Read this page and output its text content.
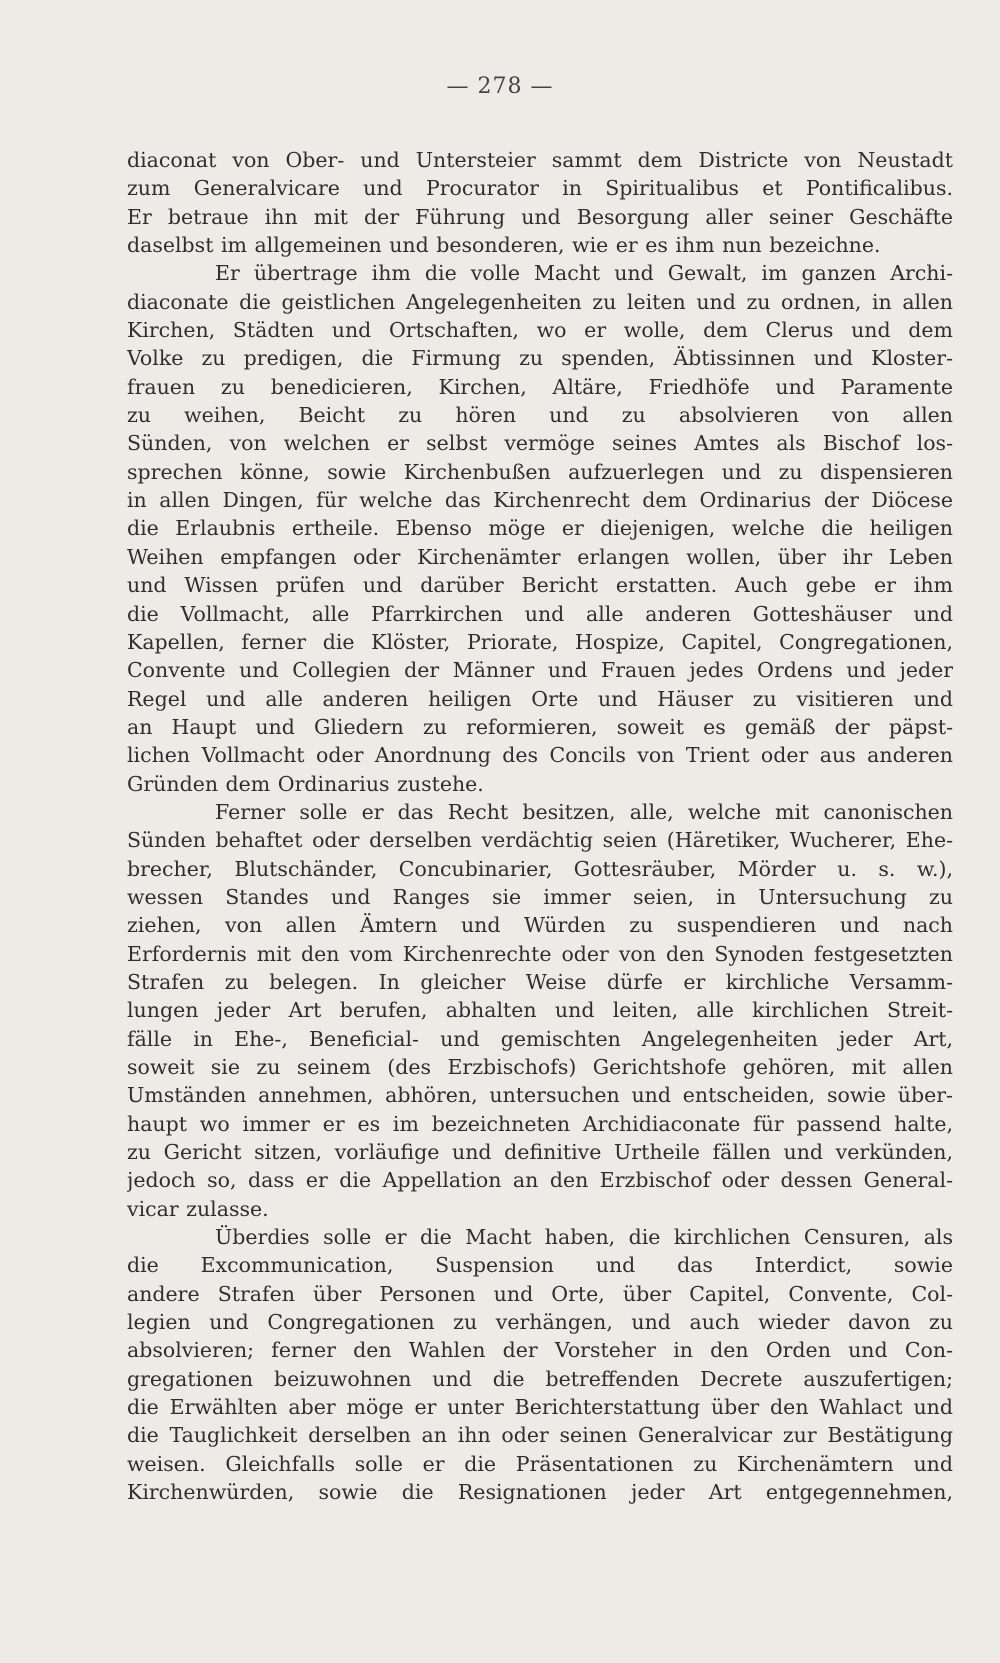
— 278 —
diaconat von Ober- und Untersteier sammt dem Districte von Neustadt
zum Generalvicare und Procurator in Spiritualibus et Pontificalibus.
Er betraue ihn mit der Führung und Besorgung aller seiner Geschäfte
daselbst im allgemeinen und besonderen, wie er es ihm nun bezeichne.
Er übertrage ihm die volle Macht und Gewalt, im ganzen Archi-
diaconate die geistlichen Angelegenheiten zu leiten und zu ordnen, in allen
Kirchen, Städten und Ortschaften, wo er wolle, dem Clerus und dem
Volke zu predigen, die Firmung zu spenden, Äbtissinnen und Kloster-
frauen zu benedicieren, Kirchen, Altäre, Friedhöfe und Paramente
zu weihen, Beicht zu hören und zu absolvieren von allen
Sünden, von welchen er selbst vermöge seines Amtes als Bischof los-
sprechen könne, sowie Kirchenbußen aufzuerlegen und zu dispensieren
in allen Dingen, für welche das Kirchenrecht dem Ordinarius der Diöcese
die Erlaubnis ertheile. Ebenso möge er diejenigen, welche die heiligen
Weihen empfangen oder Kirchenämter erlangen wollen, über ihr Leben
und Wissen prüfen und darüber Bericht erstatten. Auch gebe er ihm
die Vollmacht, alle Pfarrkirchen und alle anderen Gotteshäuser und
Kapellen, ferner die Klöster, Priorate, Hospize, Capitel, Congregationen,
Convente und Collegien der Männer und Frauen jedes Ordens und jeder
Regel und alle anderen heiligen Orte und Häuser zu visitieren und
an Haupt und Gliedern zu reformieren, soweit es gemäß der päpst-
lichen Vollmacht oder Anordnung des Concils von Trient oder aus anderen
Gründen dem Ordinarius zustehe.
Ferner solle er das Recht besitzen, alle, welche mit canonischen
Sünden behaftet oder derselben verdächtig seien (Häretiker, Wucherer, Ehe-
brecher, Blutschänder, Concubinarier, Gottesräuber, Mörder u. s. w.),
wessen Standes und Ranges sie immer seien, in Untersuchung zu
ziehen, von allen Ämtern und Würden zu suspendieren und nach
Erfordernis mit den vom Kirchenrechte oder von den Synoden festgesetzten
Strafen zu belegen. In gleicher Weise dürfe er kirchliche Versamm-
lungen jeder Art berufen, abhalten und leiten, alle kirchlichen Streit-
fälle in Ehe-, Beneficial- und gemischten Angelegenheiten jeder Art,
soweit sie zu seinem (des Erzbischofs) Gerichtshofe gehören, mit allen
Umständen annehmen, abhören, untersuchen und entscheiden, sowie über-
haupt wo immer er es im bezeichneten Archidiaconate für passend halte,
zu Gericht sitzen, vorläufige und definitive Urtheile fällen und verkünden,
jedoch so, dass er die Appellation an den Erzbischof oder dessen General-
vicar zulasse.
Überdies solle er die Macht haben, die kirchlichen Censuren, als
die Excommunication, Suspension und das Interdict, sowie
andere Strafen über Personen und Orte, über Capitel, Convente, Col-
legien und Congregationen zu verhängen, und auch wieder davon zu
absolvieren; ferner den Wahlen der Vorsteher in den Orden und Con-
gregationen beizuwohnen und die betreffenden Decrete auszufertigen;
die Erwählten aber möge er unter Berichterstattung über den Wahlact und
die Tauglichkeit derselben an ihn oder seinen Generalvicar zur Bestätigung
weisen. Gleichfalls solle er die Präsentationen zu Kirchenämtern und
Kirchenwürden, sowie die Resignationen jeder Art entgegennehmen,
